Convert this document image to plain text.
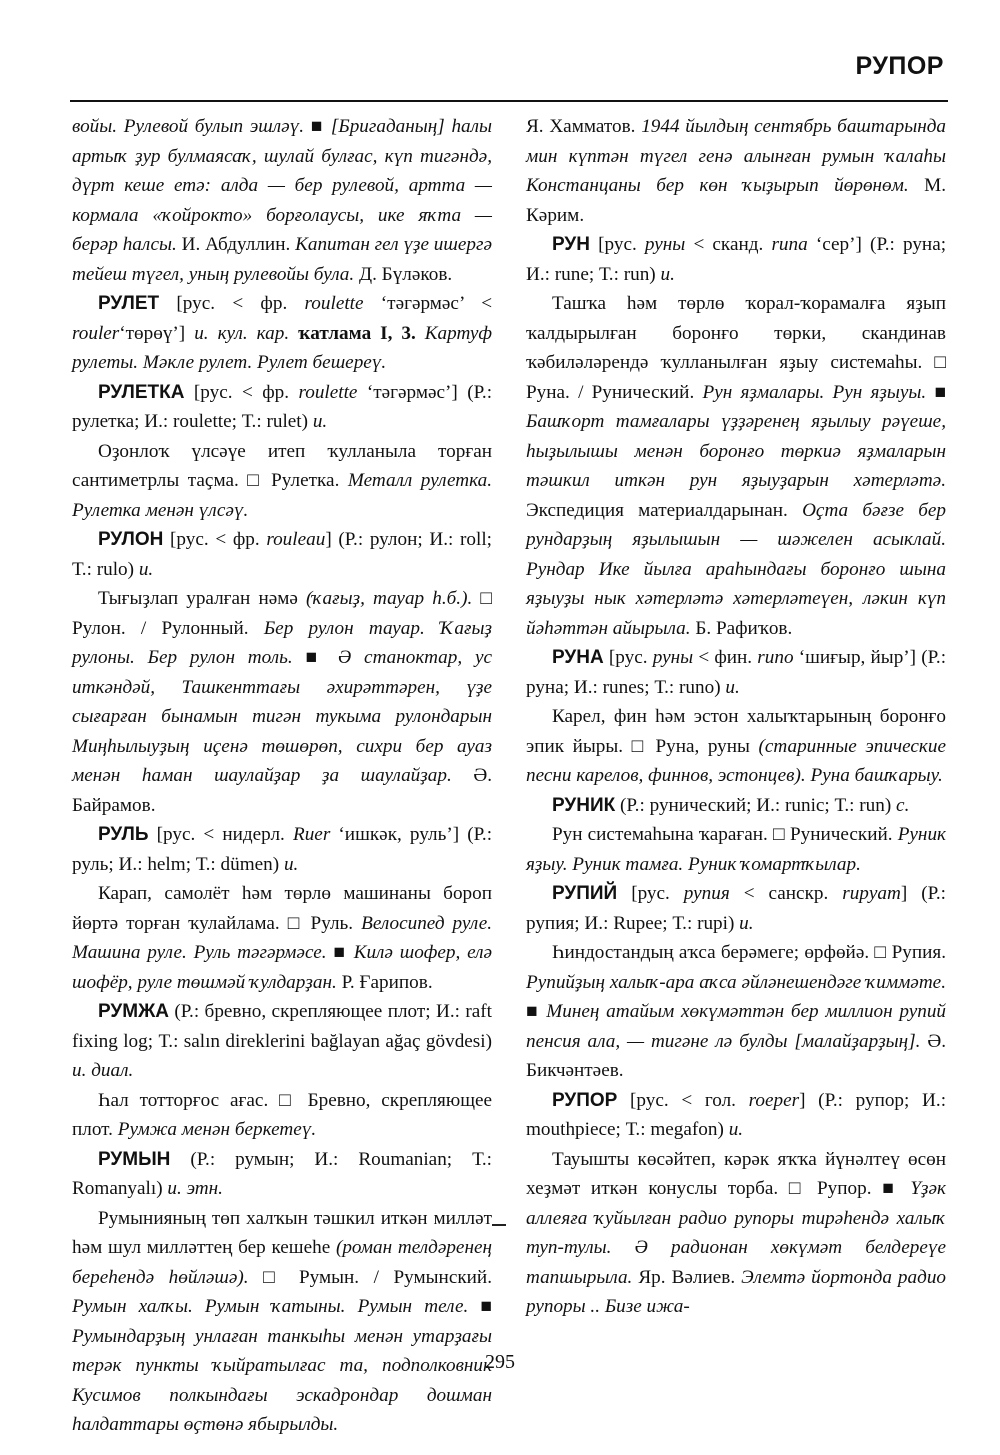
РУПОР

войы. Рулевой булып эшләү. ■ [Бригаданың] һалы артыҡ ҙур булмаясаҡ, шулай булғас, күп тигәндә, дүрт кеше етә: алда — бер рулевой, артта — кормала «ҡойрокто» борғолаусы, ике яҡта — берәр һалсы. И. Абдуллин. Капитан гел үҙе ишергә тейеш түгел, уның рулевойы була. Д. Бүләков.

РУЛЕТ [рус. < фр. roulette ‘тәгәрмәс’ < rouler‘төрөү’] и. кул. кар. ҡатлама I, 3. Картуф рулеты. Мәкле рулет. Рулет бешереү.

РУЛЕТКА [рус. < фр. roulette ‘тәгәрмәс’] (Р.: рулетка; И.: roulette; Т.: rulet) и.

Оҙонлоҡ үлсәүе итеп ҡулланыла торған сантиметрлы таҫма. □ Рулетка. Металл рулетка. Рулетка менән үлсәү.

РУЛОН [рус. < фр. rouleau] (Р.: рулон; И.: roll; Т.: rulo) и.

Тығыҙлап уралған нәмә (ҡағыҙ, тауар һ.б.). □ Рулон. / Рулонный. Бер рулон тауар. Ҡағыҙ рулоны. Бер рулон толь. ■ Ә станоктар, ус иткәндәй, Ташкенттағы әхирәттәрен, үҙе сығарған бынамын тигән тукыма рулондарын Миңһылыуҙың иҫенә төшөрөп, сихри бер ауаз менән һаман шаулайҙар ҙа шаулайҙар. Ә. Байрамов.

РУЛЬ [рус. < нидерл. Ruer ‘ишкәк, руль’] (Р.: руль; И.: helm; Т.: dümen) и.

Карап, самолёт һәм төрлө машинаны бороп йөртә торған ҡулайлама. □ Руль. Велосипед руле. Машина руле. Руль тәгәрмәсе. ■ Килә шофер, елә шофёр, руле төшмәй ҡулдарҙан. Р. Ғарипов.

РУМЖА (Р.: бревно, скрепляющее плот; И.: raft fixing log; Т.: salın direklerini bağlayan ağaç gövdesi) и. диал.

Һал тотторғос ағас. □ Бревно, скрепляющее плот. Румжа менән беркетеү.

РУМЫН (Р.: румын; И.: Roumanian; Т.: Romanyalı) и. этн.

Румынияның төп халҡын тәшкил иткән милләт һәм шул милләттең бер кешеһе (роман телдәренең береһендә һөйләшә). □ Румын. / Румынский. Румын халҡы. Румын ҡатыны. Румын теле. ■ Румындарҙың унлаған танкыһы менән утарҙағы терәк пункты ҡыйратылғас та, подполковник Кусимов полкындағы эскадрондар дошман һалдаттары өҫтөнә ябырылды.

Я. Хамматов. 1944 йылдың сентябрь баштарында мин күптән түгел генә алынған румын ҡалаһы Констанцаны бер көн ҡыҙырып йөрөнөм. М. Кәрим.

РУН [рус. руны < сканд. runa ‘сер’] (Р.: руна; И.: rune; Т.: run) и.

Ташҡа һәм төрлө ҡорал-ҡорамалға яҙып ҡалдырылған боронғо төрки, скандинав ҡәбиләләрендә ҡулланылған яҙыу системаһы. □ Руна. / Рунический. Рун яҙмалары. Рун яҙыуы. ■ Башҡорт тамғалары үҙҙәренең яҙылыу рәүеше, һыҙылышы менән боронғо төркиә яҙмаларын тәшкил иткән рун яҙыуҙарын хәтерләтә. Экспедиция материалдарынан. Оҫта бәғзе бер рундарҙың яҙылышын — шәжелен асыклай. Рундар Ике йылға араһындағы боронғо шына яҙыуҙы нык хәтерләтә хәтерләтеүен, ләкин күп йәһәттән айырыла. Б. Рафиҡов.

РУНА [рус. руны < фин. runo ‘шиғыр, йыр’] (Р.: руна; И.: runes; Т.: runo) и.

Карел, фин һәм эстон халыҡтарының боронғо эпик йыры. □ Руна, руны (старинные эпические песни карелов, финнов, эстонцев). Руна башҡарыу.

РУНИК (Р.: рунический; И.: runic; Т.: run) с.

Рун системаһына ҡараған. □ Рунический. Руник яҙыу. Руник тамға. Руник ҡомартҡылар.

РУПИЙ [рус. рупия < санскр. rupyam] (Р.: рупия; И.: Rupee; Т.: rupi) и.

Һиндостандың аҡса берәмеге; өрфөйә. □ Рупия. Рупийҙың халыҡ-ара аҡса әйләнешендәге ҡиммәте. ■ Минең атайым хөкүмәттән бер миллион рупий пенсия ала, — тигәне лә булды [малайҙарҙың]. Ә. Бикчәнтәев.

РУПОР [рус. < гол. roeper] (Р.: рупор; И.: mouthpiece; Т.: megafon) и.

Тауышты көсәйтеп, кәрәк яҡҡа йүнәлтеү өсөн хеҙмәт иткән конуслы торба. □ Рупор. ■ Үҙәк аллеяға ҡуйылған радио рупоры тирәһендә халыҡ туп-тулы. Ә радионан хөкүмәт белдереүе тапшырыла. Яр. Вәлиев. Элемтә йортонда радио рупоры .. Бизе ижа-

295
